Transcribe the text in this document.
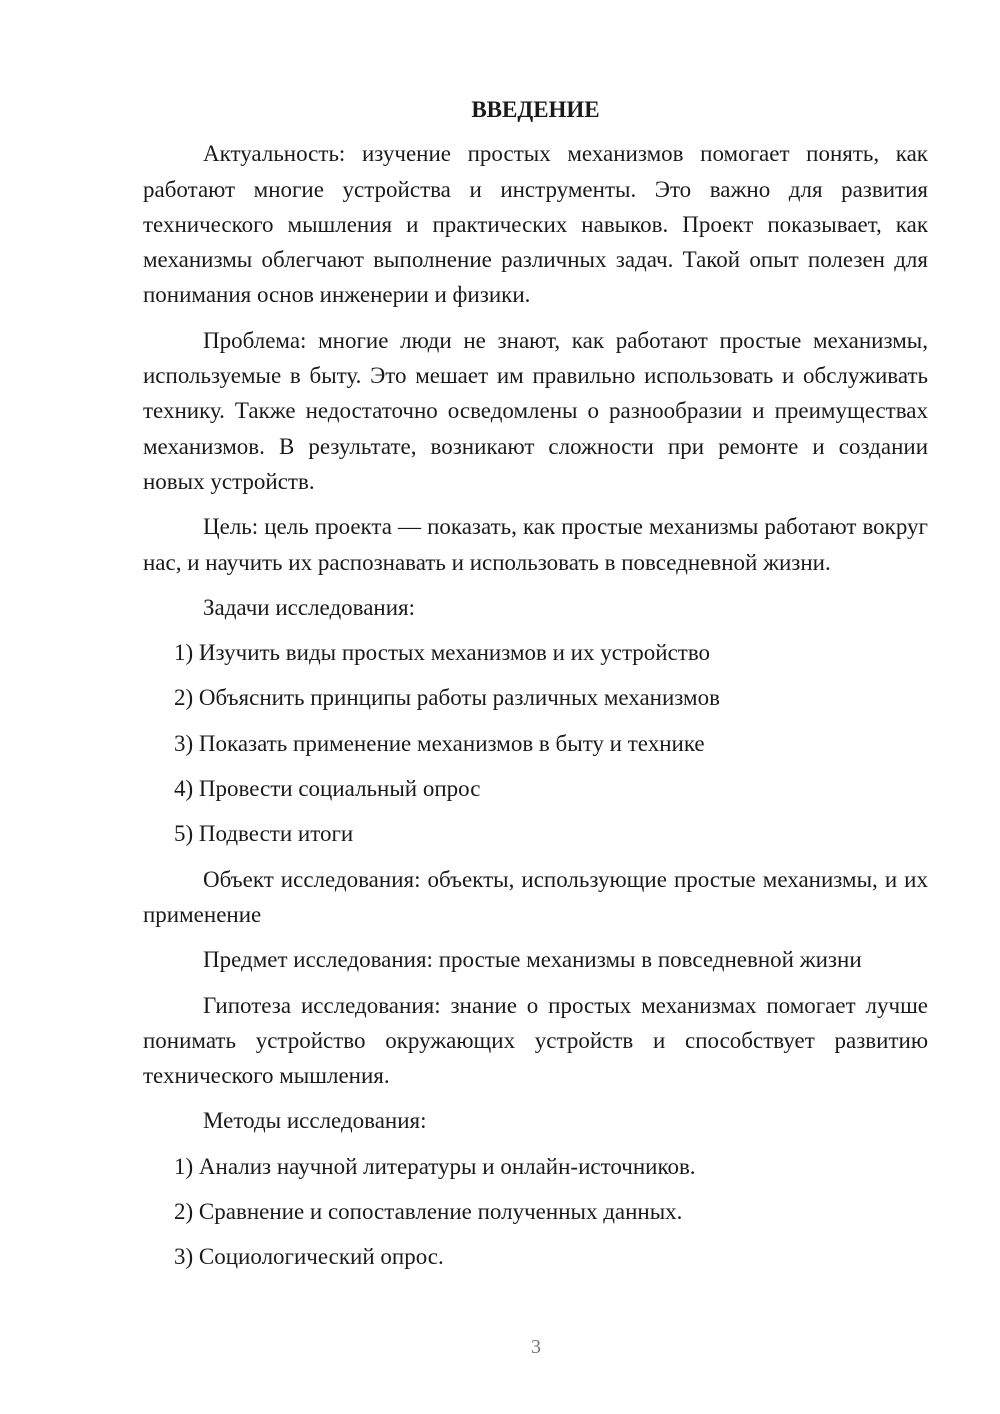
ВВЕДЕНИЕ

Актуальность: изучение простых механизмов помогает понять, как работают многие устройства и инструменты. Это важно для развития технического мышления и практических навыков. Проект показывает, как механизмы облегчают выполнение различных задач. Такой опыт полезен для понимания основ инженерии и физики.

Проблема: многие люди не знают, как работают простые механизмы, используемые в быту. Это мешает им правильно использовать и обслуживать технику. Также недостаточно осведомлены о разнообразии и преимуществах механизмов. В результате, возникают сложности при ремонте и создании новых устройств.

Цель: цель проекта — показать, как простые механизмы работают вокруг нас, и научить их распознавать и использовать в повседневной жизни.

Задачи исследования:

1) Изучить виды простых механизмов и их устройство
2) Объяснить принципы работы различных механизмов
3) Показать применение механизмов в быту и технике
4) Провести социальный опрос
5) Подвести итоги

Объект исследования: объекты, использующие простые механизмы, и их применение

Предмет исследования: простые механизмы в повседневной жизни

Гипотеза исследования: знание о простых механизмах помогает лучше понимать устройство окружающих устройств и способствует развитию технического мышления.

Методы исследования:

1) Анализ научной литературы и онлайн-источников.
2) Сравнение и сопоставление полученных данных.
3) Социологический опрос.
3
